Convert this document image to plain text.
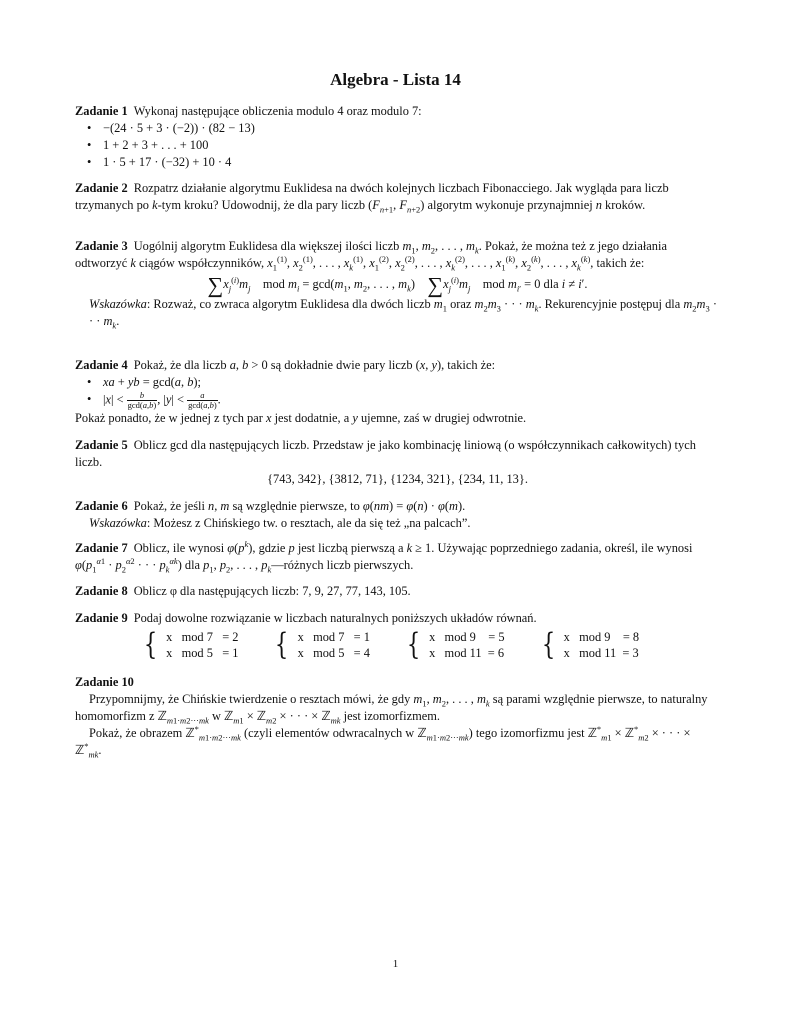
Algebra - Lista 14

Zadanie 1 Wykonaj następujące obliczenia modulo 4 oraz modulo 7:

• −(24 · 5 + 3 · (−2)) · (82 − 13)
• 1 + 2 + 3 + . . . + 100
• 1 · 5 + 17 · (−32) + 10 · 4

Zadanie 2 Rozpatrz działanie algorytmu Euklidesa na dwóch kolejnych liczbach Fibonacciego. Jak wygląda para liczb trzymanych po k-tym kroku? Udowodnij, że dla pary liczb ($F_{n+1}$, $F_{n+2}$) algorytm wykonuje przynajmniej n kroków.

Zadanie 3 Uogólnij algorytm Euklidesa dla większej ilości liczb $m_1$, $m_2$, . . . , $m_k$. Pokaż, że można też z jego działania odtworzyć k ciągów współczynników, $x_1^{(1)}$, $x_2^{(1)}$, . . . , $x_k^{(1)}$, $x_1^{(2)}$, $x_2^{(2)}$, . . . , $x_k^{(2)}$, . . . , $x_1^{(k)}$, $x_2^{(k)}$, . . . , $x_k^{(k)}$, takich że:

$\sum x_j^{(i)}m_j$    mod $m_i = \gcd(m_1$, $m_2$, . . . , $m_k$)    $\sum x_j^{(i)}m_j$    mod $m_{i'} = 0$ dla i ≠ i′.

Wskazówka: Rozważ, co zwraca algorytm Euklidesa dla dwóch liczb $m_1$ oraz $m_2m_3$ · · · $m_k$. Rekurencyjnie postępuj dla $m_2m_3$ · · · $m_k$.

Zadanie 4 Pokaż, że dla liczb a, b > 0 są dokładnie dwie pary liczb (x, y), takich że:

• xa + yb = gcd(a, b);
• $|x| < \frac{b}{\gcd(a,b)}$ , $|y| < \frac{a}{\gcd(a,b)}$ .

Pokaż ponadto, że w jednej z tych par x jest dodatnie, a y ujemne, zaś w drugiej odwrotnie.

Zadanie 5 Oblicz gcd dla następujących liczb. Przedstaw je jako kombinację liniową (o współczynnikach całkowitych) tych liczb.

{743, 342}, {3812, 71}, {1234, 321}, {234, 11, 13}.

Zadanie 6 Pokaż, że jeśli n, m są względnie pierwsze, to φ(nm) = φ(n) · φ(m).

Wskazówka: Możesz z Chińskiego tw. o resztach, ale da się też „na palcach”.

Zadanie 7 Oblicz, ile wynosi $\varphi(p^k)$, gdzie p jest liczbą pierwszą a k ≥ 1. Używając poprzedniego zadania, określ, ile wynosi $\varphi(p_1^{\alpha 1} \cdot p_2^{\alpha 2}$ · · · $p_k^{\alpha k}$) dla $p_1$, $p_2$, . . . , $p_k—różnych$ liczb pierwszych.

Zadanie 8 Oblicz φ dla następujących liczb: 7, 9, 27, 77, 143, 105.

Zadanie 9 Podaj dowolne rozwiązanie w liczbach naturalnych poniższych układów równań.

{ x   mod 7   = 2
x   mod 5   = 1 { x   mod 7   = 1
x   mod 5   = 4 { x   mod 9    = 5
x   mod 11  = 6 { x   mod 9    = 8
x   mod 11  = 3

Zadanie 10

Przypomnijmy, że Chińskie twierdzenie o resztach mówi, że gdy $m_1$, $m_2$, . . . , $m_k$ są parami względnie pierwsze, to naturalny homomorfizm z ℤ$_{m1\cdot m2\cdot\cdot\cdot mk}$ w ℤ$_{m1}$ × ℤ$_{m2}$ × · · · × ℤ$_{mk}$ jest izomorfizmem.

Pokaż, że obrazem ℤ*$_{m1\cdot m2\cdot\cdot\cdot mk}$ (czyli elementów odwracalnych w ℤ$_{m1\cdot m2\cdot\cdot\cdot mk}$) tego izomorfizmu jest ℤ*$_{m1}$ × ℤ*$_{m2}$ × · · · × ℤ*$_{mk}$.

1
